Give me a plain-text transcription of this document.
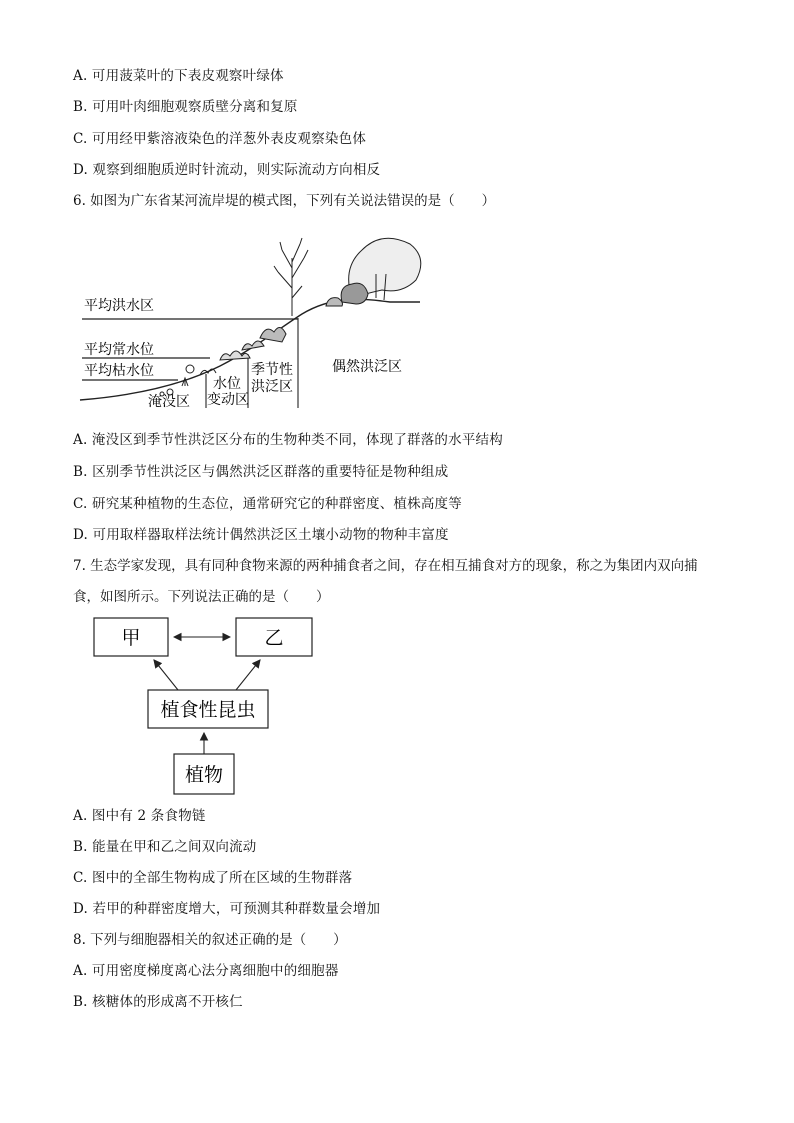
A. 可用菠菜叶的下表皮观察叶绿体
B. 可用叶肉细胞观察质壁分离和复原
C. 可用经甲紫溶液染色的洋葱外表皮观察染色体
D. 观察到细胞质逆时针流动，则实际流动方向相反
6. 如图为广东省某河流岸堤的模式图，下列有关说法错误的是（　　）
平均洪水区
平均常水位
平均枯水位
淹没区
水位
变动区
季节性
洪泛区
偶然洪泛区
A. 淹没区到季节性洪泛区分布的生物种类不同，体现了群落的水平结构
B. 区别季节性洪泛区与偶然洪泛区群落的重要特征是物种组成
C. 研究某种植物的生态位，通常研究它的种群密度、植株高度等
D. 可用取样器取样法统计偶然洪泛区土壤小动物的物种丰富度
7. 生态学家发现，具有同种食物来源的两种捕食者之间，存在相互捕食对方的现象，称之为集团内双向捕
食，如图所示。下列说法正确的是（　　）
甲	乙
植食性昆虫
植物
A. 图中有 2 条食物链
B. 能量在甲和乙之间双向流动
C. 图中的全部生物构成了所在区域的生物群落
D. 若甲的种群密度增大，可预测其种群数量会增加
8. 下列与细胞器相关的叙述正确的是（　　）
A. 可用密度梯度离心法分离细胞中的细胞器
B. 核糖体的形成离不开核仁
